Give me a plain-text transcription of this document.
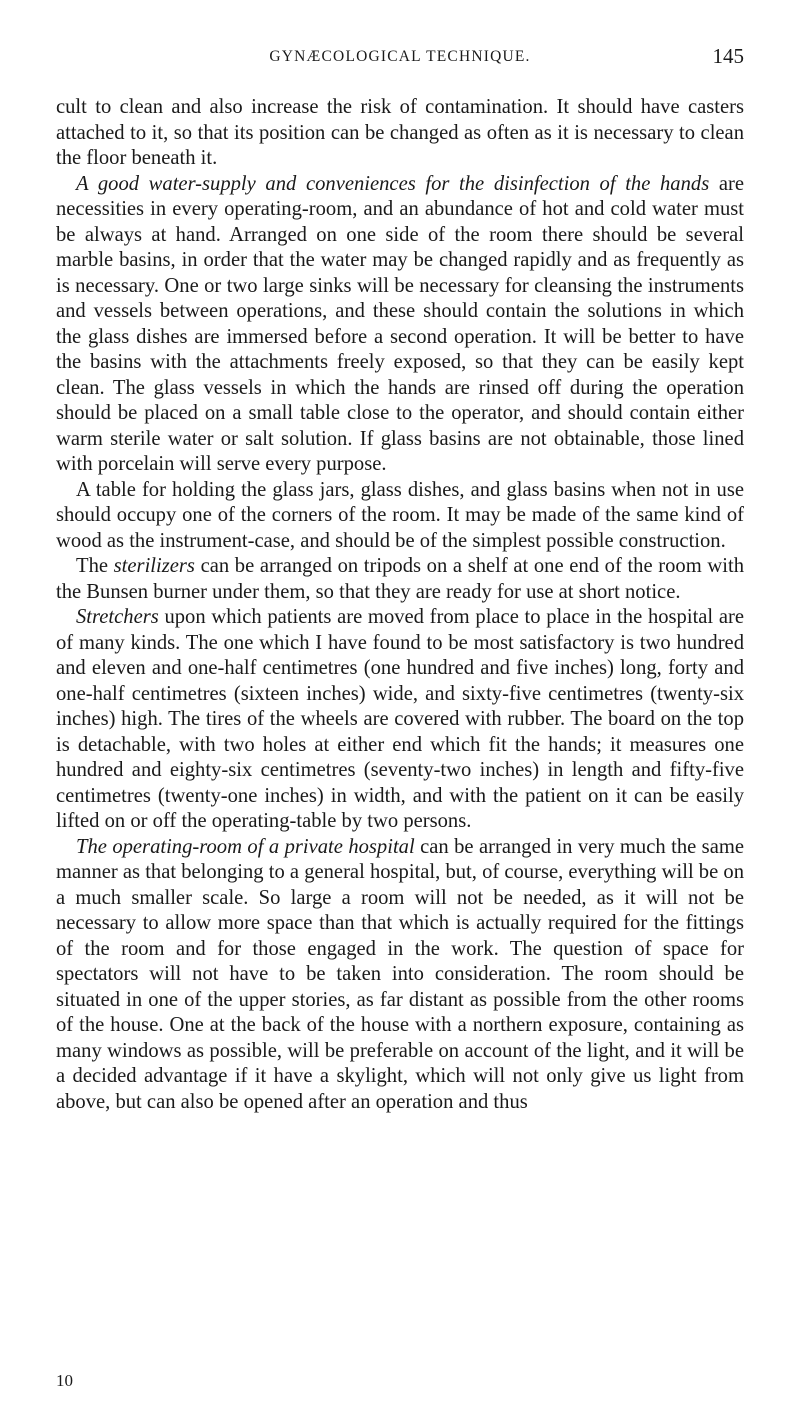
GYNÆCOLOGICAL TECHNIQUE.	145

cult to clean and also increase the risk of contamination. It should have casters attached to it, so that its position can be changed as often as it is necessary to clean the floor beneath it.

A good water-supply and conveniences for the disinfection of the hands are necessities in every operating-room, and an abundance of hot and cold water must be always at hand. Arranged on one side of the room there should be several marble basins, in order that the water may be changed rapidly and as frequently as is necessary. One or two large sinks will be necessary for cleansing the instruments and vessels between operations, and these should contain the solutions in which the glass dishes are immersed before a second operation. It will be better to have the basins with the attachments freely exposed, so that they can be easily kept clean. The glass vessels in which the hands are rinsed off during the operation should be placed on a small table close to the operator, and should contain either warm sterile water or salt solution. If glass basins are not obtainable, those lined with porcelain will serve every purpose.

A table for holding the glass jars, glass dishes, and glass basins when not in use should occupy one of the corners of the room. It may be made of the same kind of wood as the instrument-case, and should be of the simplest possible construction.

The sterilizers can be arranged on tripods on a shelf at one end of the room with the Bunsen burner under them, so that they are ready for use at short notice.

Stretchers upon which patients are moved from place to place in the hospital are of many kinds. The one which I have found to be most satisfactory is two hundred and eleven and one-half centimetres (one hundred and five inches) long, forty and one-half centimetres (sixteen inches) wide, and sixty-five centimetres (twenty-six inches) high. The tires of the wheels are covered with rubber. The board on the top is detachable, with two holes at either end which fit the hands; it measures one hundred and eighty-six centimetres (seventy-two inches) in length and fifty-five centimetres (twenty-one inches) in width, and with the patient on it can be easily lifted on or off the operating-table by two persons.

The operating-room of a private hospital can be arranged in very much the same manner as that belonging to a general hospital, but, of course, everything will be on a much smaller scale. So large a room will not be needed, as it will not be necessary to allow more space than that which is actually required for the fittings of the room and for those engaged in the work. The question of space for spectators will not have to be taken into consideration. The room should be situated in one of the upper stories, as far distant as possible from the other rooms of the house. One at the back of the house with a northern exposure, containing as many windows as possible, will be preferable on account of the light, and it will be a decided advantage if it have a skylight, which will not only give us light from above, but can also be opened after an operation and thus

10
